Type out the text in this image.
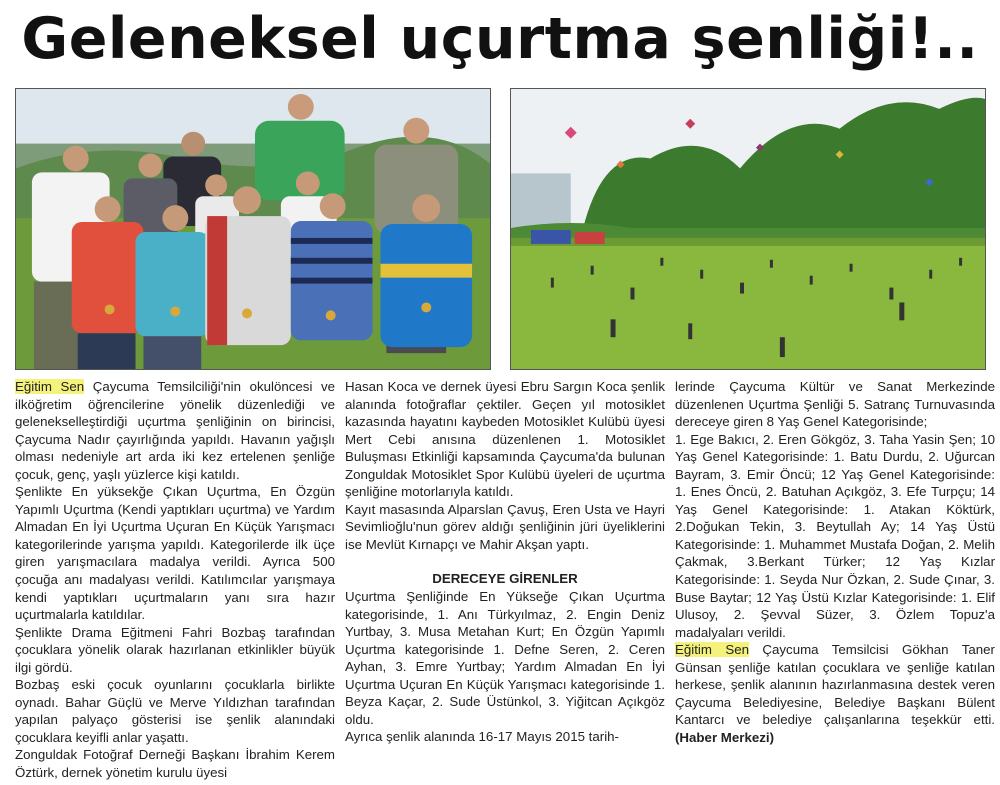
Geleneksel uçurtma şenliği!..

Eğitim Sen Çaycuma Temsilciliği'nin okulöncesi ve ilköğretim öğrencilerine yönelik düzenlediği ve gelenekselleştirdiği uçurtma şenliğinin on birincisi, Çaycuma Nadır çayırlığında yapıldı. Havanın yağışlı olması nedeniyle art arda iki kez ertelenen şenliğe çocuk, genç, yaşlı yüzlerce kişi katıldı.

Şenlikte En yüksekğe Çıkan Uçurtma, En Özgün Yapımlı Uçurtma (Kendi yaptıkları uçurtma) ve Yardım Almadan En İyi Uçurtma Uçuran En Küçük Yarışmacı kategorilerinde yarışma yapıldı. Kategorilerde ilk üçe giren yarışmacılara madalya verildi. Ayrıca 500 çocuğa anı madalyası verildi. Katılımcılar yarışmaya kendi yaptıkları uçurtmaların yanı sıra hazır uçurtmalarla katıldılar.

Şenlikte Drama Eğitmeni Fahri Bozbaş tarafından çocuklara yönelik olarak hazırlanan etkinlikler büyük ilgi gördü.

Bozbaş eski çocuk oyunlarını çocuklarla birlikte oynadı. Bahar Güçlü ve Merve Yıldızhan tarafından yapılan palyaço gösterisi ise şenlik alanındaki çocuklara keyifli anlar yaşattı.

Zonguldak Fotoğraf Derneği Başkanı İbrahim Kerem Öztürk, dernek yönetim kurulu üyesi

Hasan Koca ve dernek üyesi Ebru Sargın Koca şenlik alanında fotoğraflar çektiler. Geçen yıl motosiklet kazasında hayatını kaybeden Motosiklet Kulübü üyesi Mert Cebi anısına düzenlenen 1. Motosiklet Buluşması Etkinliği kapsamında Çaycuma'da bulunan Zonguldak Motosiklet Spor Kulübü üyeleri de uçurtma şenliğine motorlarıyla katıldı.

Kayıt masasında Alparslan Çavuş, Eren Usta ve Hayri Sevimlioğlu'nun görev aldığı şenliğinin jüri üyeliklerini ise Mevlüt Kırnapçı ve Mahir Akşan yaptı.

DERECEYE GİRENLER

Uçurtma Şenliğinde En Yükseğe Çıkan Uçurtma kategorisinde, 1. Anı Türkyılmaz, 2. Engin Deniz Yurtbay, 3. Musa Metahan Kurt; En Özgün Yapımlı Uçurtma kategorisinde 1. Defne Seren, 2. Ceren Ayhan, 3. Emre Yurtbay; Yardım Almadan En İyi Uçurtma Uçuran En Küçük Yarışmacı kategorisinde 1. Beyza Kaçar, 2. Sude Üstünkol, 3. Yiğitcan Açıkgöz oldu.

Ayrıca şenlik alanında 16-17 Mayıs 2015 tarih-

lerinde Çaycuma Kültür ve Sanat Merkezinde düzenlenen Uçurtma Şenliği 5. Satranç Turnuvasında dereceye giren 8 Yaş Genel Kategorisinde;

1. Ege Bakıcı, 2. Eren Gökgöz, 3. Taha Yasin Şen; 10 Yaş Genel Kategorisinde: 1. Batu Durdu, 2. Uğurcan Bayram, 3. Emir Öncü; 12 Yaş Genel Kategorisinde: 1. Enes Öncü, 2. Batuhan Açıkgöz, 3. Efe Turpçu; 14 Yaş Genel Kategorisinde: 1. Atakan Köktürk, 2.Doğukan Tekin, 3. Beytullah Ay; 14 Yaş Üstü Kategorisinde: 1. Muhammet Mustafa Doğan, 2. Melih Çakmak, 3.Berkant Türker; 12 Yaş Kızlar Kategorisinde: 1. Seyda Nur Özkan, 2. Sude Çınar, 3. Buse Baytar; 12 Yaş Üstü Kızlar Kategorisinde: 1. Elif Ulusoy, 2. Şevval Süzer, 3. Özlem Topuz'a madalyaları verildi.

Eğitim Sen Çaycuma Temsilcisi Gökhan Taner Günsan şenliğe katılan çocuklara ve şenliğe katılan herkese, şenlik alanının hazırlanmasına destek veren Çaycuma Belediyesine, Belediye Başkanı Bülent Kantarcı ve belediye çalışanlarına teşekkür etti. (Haber Merkezi)
